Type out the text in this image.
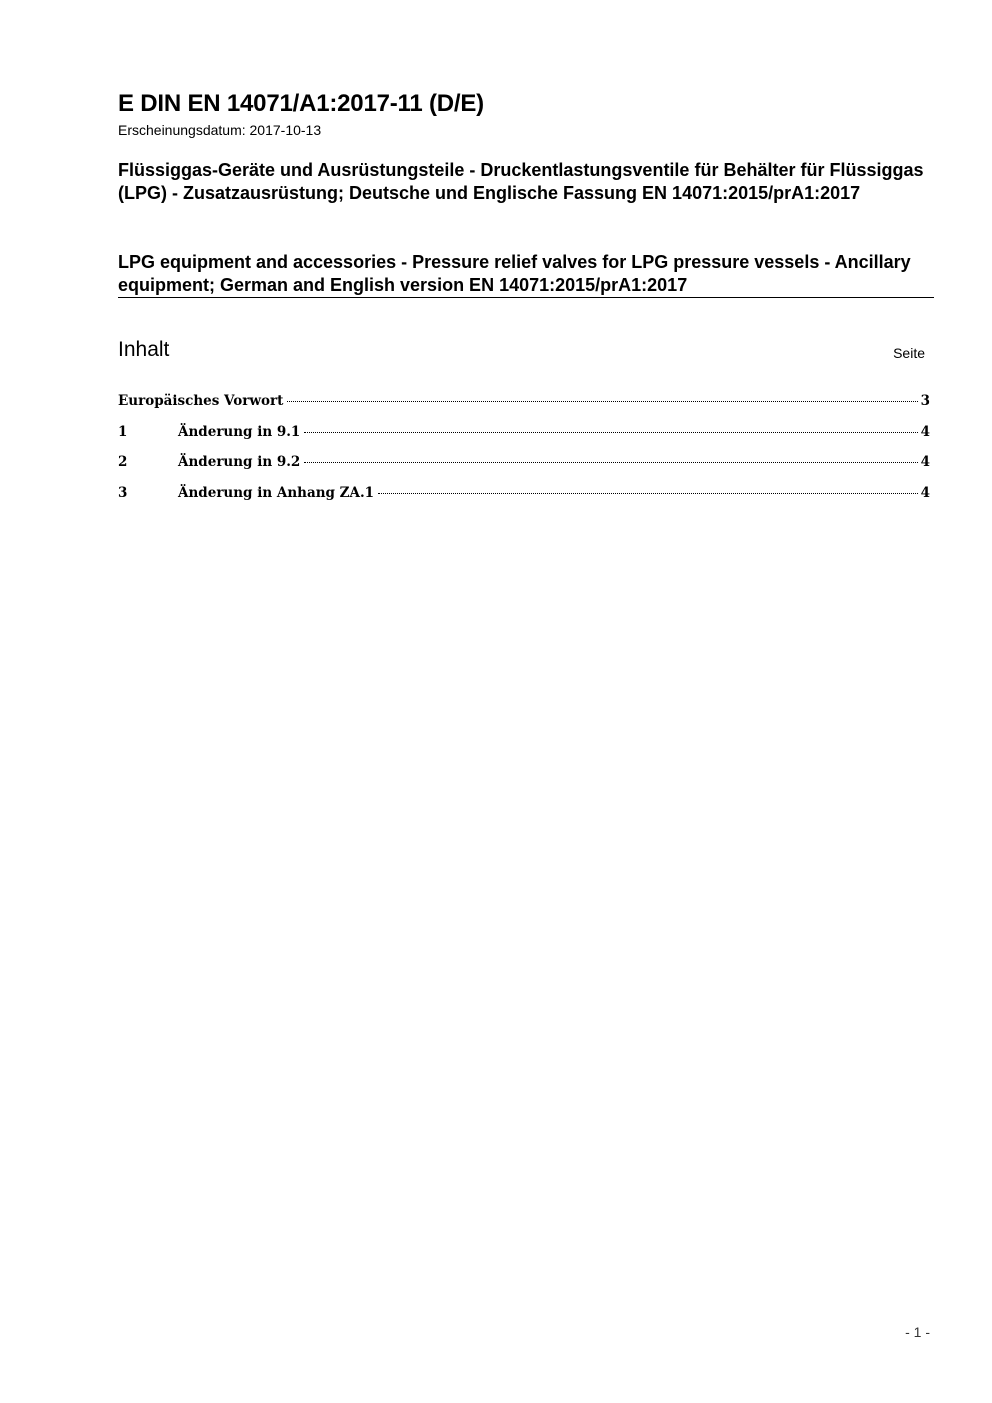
E DIN EN 14071/A1:2017-11 (D/E)
Erscheinungsdatum: 2017-10-13
Flüssiggas-Geräte und Ausrüstungsteile - Druckentlastungsventile für Behälter für Flüssiggas (LPG) - Zusatzausrüstung; Deutsche und Englische Fassung EN 14071:2015/prA1:2017
LPG equipment and accessories - Pressure relief valves for LPG pressure vessels - Ancillary equipment; German and English version EN 14071:2015/prA1:2017
Inhalt	Seite
Europäisches Vorwort	3
1	Änderung in 9.1	4
2	Änderung in 9.2	4
3	Änderung in Anhang ZA.1	4
- 1 -
